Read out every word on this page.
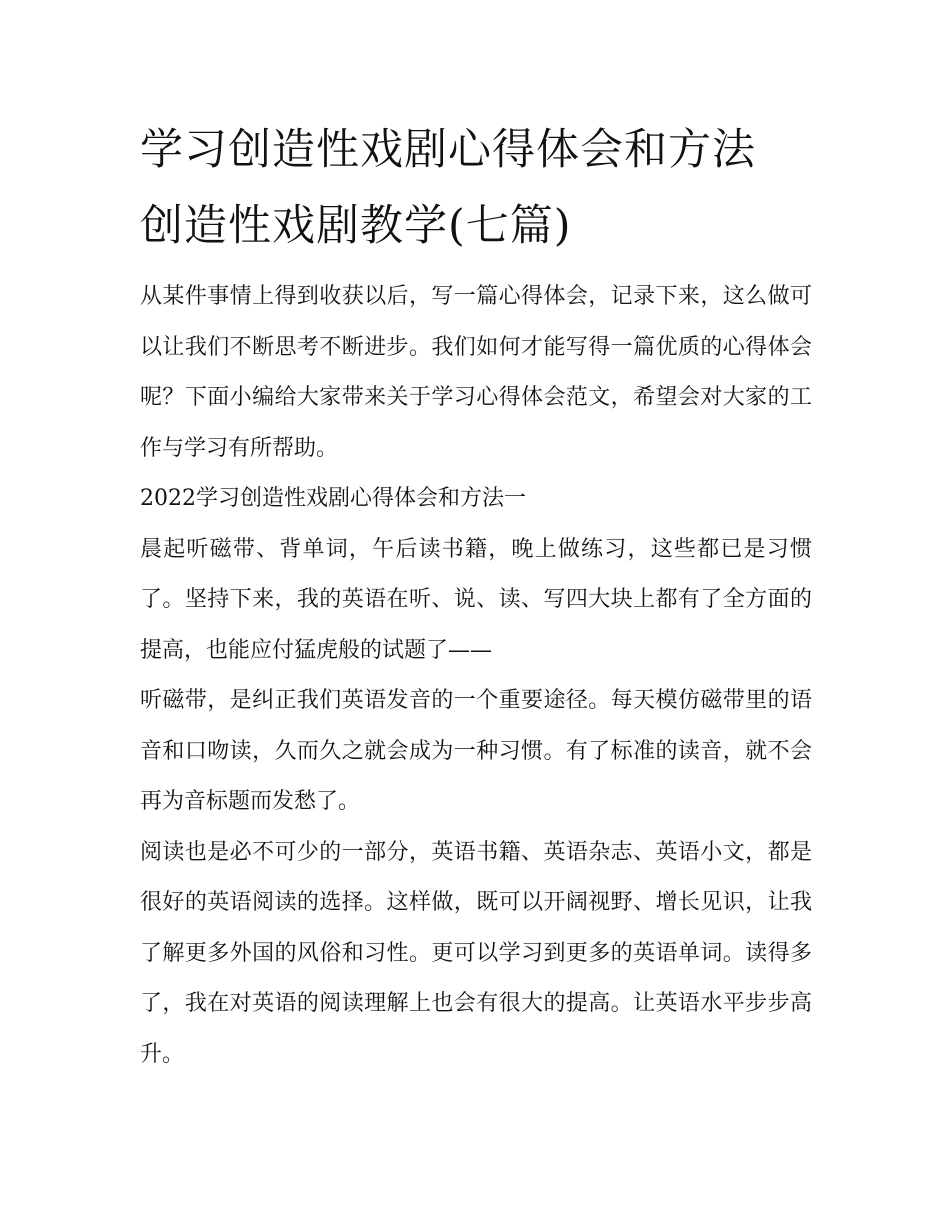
学习创造性戏剧心得体会和方法 创造性戏剧教学(七篇)

从某件事情上得到收获以后，写一篇心得体会，记录下来，这么做可以让我们不断思考不断进步。我们如何才能写得一篇优质的心得体会呢？下面小编给大家带来关于学习心得体会范文，希望会对大家的工作与学习有所帮助。

2022学习创造性戏剧心得体会和方法一

晨起听磁带、背单词，午后读书籍，晚上做练习，这些都已是习惯了。坚持下来，我的英语在听、说、读、写四大块上都有了全方面的提高，也能应付猛虎般的试题了——

听磁带，是纠正我们英语发音的一个重要途径。每天模仿磁带里的语音和口吻读，久而久之就会成为一种习惯。有了标准的读音，就不会再为音标题而发愁了。

阅读也是必不可少的一部分，英语书籍、英语杂志、英语小文，都是很好的英语阅读的选择。这样做，既可以开阔视野、增长见识，让我了解更多外国的风俗和习性。更可以学习到更多的英语单词。读得多了，我在对英语的阅读理解上也会有很大的提高。让英语水平步步高升。
